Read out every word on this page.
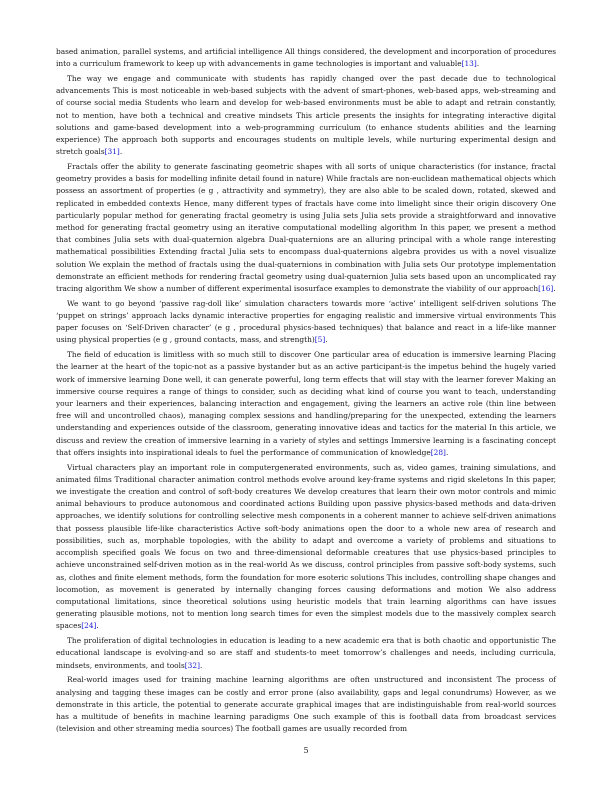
based animation, parallel systems, and artificial intelligence All things considered, the development and incorporation of procedures into a curriculum framework to keep up with advancements in game technologies is important and valuable[13].

The way we engage and communicate with students has rapidly changed over the past decade due to technological advancements This is most noticeable in web-based subjects with the advent of smart-phones, web-based apps, web-streaming and of course social media Students who learn and develop for web-based environments must be able to adapt and retrain constantly, not to mention, have both a technical and creative mindsets This article presents the insights for integrating interactive digital solutions and game-based development into a web-programming curriculum (to enhance students abilities and the learning experience) The approach both supports and encourages students on multiple levels, while nurturing experimental design and stretch goals[31].

Fractals offer the ability to generate fascinating geometric shapes with all sorts of unique characteristics (for instance, fractal geometry provides a basis for modelling infinite detail found in nature) While fractals are non-euclidean mathematical objects which possess an assortment of properties (e g , attractivity and symmetry), they are also able to be scaled down, rotated, skewed and replicated in embedded contexts Hence, many different types of fractals have come into limelight since their origin discovery One particularly popular method for generating fractal geometry is using Julia sets Julia sets provide a straightforward and innovative method for generating fractal geometry using an iterative computational modelling algorithm In this paper, we present a method that combines Julia sets with dual-quaternion algebra Dual-quaternions are an alluring principal with a whole range interesting mathematical possibilities Extending fractal Julia sets to encompass dual-quaternions algebra provides us with a novel visualize solution We explain the method of fractals using the dual-quaternions in combination with Julia sets Our prototype implementation demonstrate an efficient methods for rendering fractal geometry using dual-quaternion Julia sets based upon an uncomplicated ray tracing algorithm We show a number of different experimental isosurface examples to demonstrate the viability of our approach[16].

We want to go beyond ‘passive rag-doll like’ simulation characters towards more ‘active’ intelligent self-driven solutions The ‘puppet on strings’ approach lacks dynamic interactive properties for engaging realistic and immersive virtual environments This paper focuses on ‘Self-Driven character’ (e g , procedural physics-based techniques) that balance and react in a life-like manner using physical properties (e g , ground contacts, mass, and strength)[5].

The field of education is limitless with so much still to discover One particular area of education is immersive learning Placing the learner at the heart of the topic-not as a passive bystander but as an active participant-is the impetus behind the hugely varied work of immersive learning Done well, it can generate powerful, long term effects that will stay with the learner forever Making an immersive course requires a range of things to consider, such as deciding what kind of course you want to teach, understanding your learners and their experiences, balancing interaction and engagement, giving the learners an active role (thin line between free will and uncontrolled chaos), managing complex sessions and handling/preparing for the unexpected, extending the learners understanding and experiences outside of the classroom, generating innovative ideas and tactics for the material In this article, we discuss and review the creation of immersive learning in a variety of styles and settings Immersive learning is a fascinating concept that offers insights into inspirational ideals to fuel the performance of communication of knowledge[28].

Virtual characters play an important role in computergenerated environments, such as, video games, training simulations, and animated films Traditional character animation control methods evolve around key-frame systems and rigid skeletons In this paper, we investigate the creation and control of soft-body creatures We develop creatures that learn their own motor controls and mimic animal behaviours to produce autonomous and coordinated actions Building upon passive physics-based methods and data-driven approaches, we identify solutions for controlling selective mesh components in a coherent manner to achieve self-driven animations that possess plausible life-like characteristics Active soft-body animations open the door to a whole new area of research and possibilities, such as, morphable topologies, with the ability to adapt and overcome a variety of problems and situations to accomplish specified goals We focus on two and three-dimensional deformable creatures that use physics-based principles to achieve unconstrained self-driven motion as in the real-world As we discuss, control principles from passive soft-body systems, such as, clothes and finite element methods, form the foundation for more esoteric solutions This includes, controlling shape changes and locomotion, as movement is generated by internally changing forces causing deformations and motion We also address computational limitations, since theoretical solutions using heuristic models that train learning algorithms can have issues generating plausible motions, not to mention long search times for even the simplest models due to the massively complex search spaces[24].

The proliferation of digital technologies in education is leading to a new academic era that is both chaotic and opportunistic The educational landscape is evolving-and so are staff and students-to meet tomorrow’s challenges and needs, including curricula, mindsets, environments, and tools[32].

Real-world images used for training machine learning algorithms are often unstructured and inconsistent The process of analysing and tagging these images can be costly and error prone (also availability, gaps and legal conundrums) However, as we demonstrate in this article, the potential to generate accurate graphical images that are indistinguishable from real-world sources has a multitude of benefits in machine learning paradigms One such example of this is football data from broadcast services (television and other streaming media sources) The football games are usually recorded from

5
